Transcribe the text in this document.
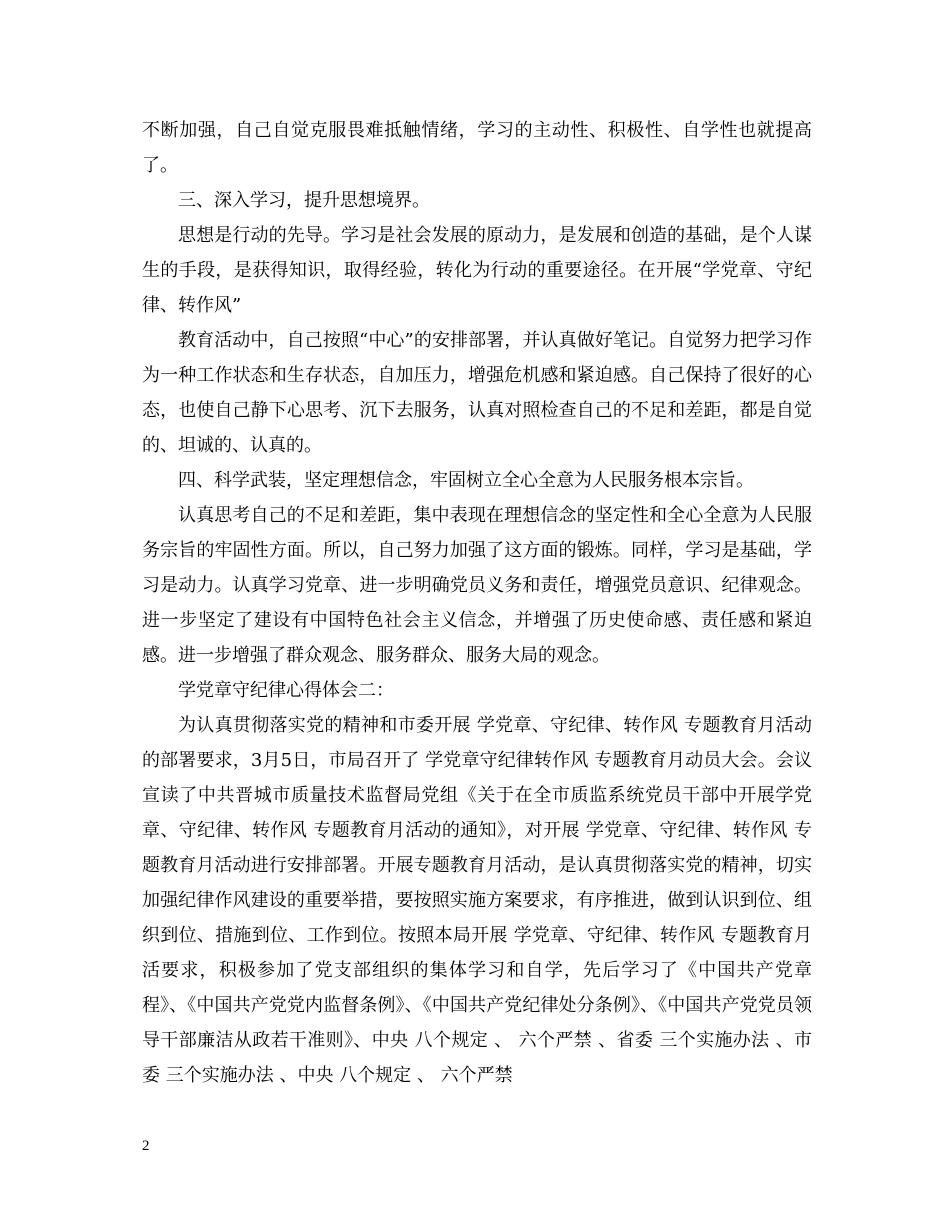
不断加强，自己自觉克服畏难抵触情绪，学习的主动性、积极性、自学性也就提高了。

三、深入学习，提升思想境界。

思想是行动的先导。学习是社会发展的原动力，是发展和创造的基础，是个人谋生的手段，是获得知识，取得经验，转化为行动的重要途径。在开展“学党章、守纪律、转作风”

教育活动中，自己按照“中心”的安排部署，并认真做好笔记。自觉努力把学习作为一种工作状态和生存状态，自加压力，增强危机感和紧迫感。自己保持了很好的心态，也使自己静下心思考、沉下去服务，认真对照检查自己的不足和差距，都是自觉的、坦诚的、认真的。

四、科学武装，坚定理想信念，牢固树立全心全意为人民服务根本宗旨。

认真思考自己的不足和差距，集中表现在理想信念的坚定性和全心全意为人民服务宗旨的牢固性方面。所以，自己努力加强了这方面的锻炼。同样，学习是基础，学习是动力。认真学习党章、进一步明确党员义务和责任，增强党员意识、纪律观念。进一步坚定了建设有中国特色社会主义信念，并增强了历史使命感、责任感和紧迫感。进一步增强了群众观念、服务群众、服务大局的观念。

学党章守纪律心得体会二：

为认真贯彻落实党的精神和市委开展 学党章、守纪律、转作风 专题教育月活动的部署要求，3月5日，市局召开了 学党章守纪律转作风 专题教育月动员大会。会议宣读了中共晋城市质量技术监督局党组《关于在全市质监系统党员干部中开展学党章、守纪律、转作风 专题教育月活动的通知》，对开展 学党章、守纪律、转作风 专题教育月活动进行安排部署。开展专题教育月活动，是认真贯彻落实党的精神，切实加强纪律作风建设的重要举措，要按照实施方案要求，有序推进，做到认识到位、组织到位、措施到位、工作到位。按照本局开展 学党章、守纪律、转作风 专题教育月活要求，积极参加了党支部组织的集体学习和自学，先后学习了《中国共产党章程》、《中国共产党党内监督条例》、《中国共产党纪律处分条例》、《中国共产党党员领导干部廉洁从政若干准则》、中央 八个规定 、 六个严禁 、省委 三个实施办法 、市委 三个实施办法 、中央 八个规定 、 六个严禁

2
